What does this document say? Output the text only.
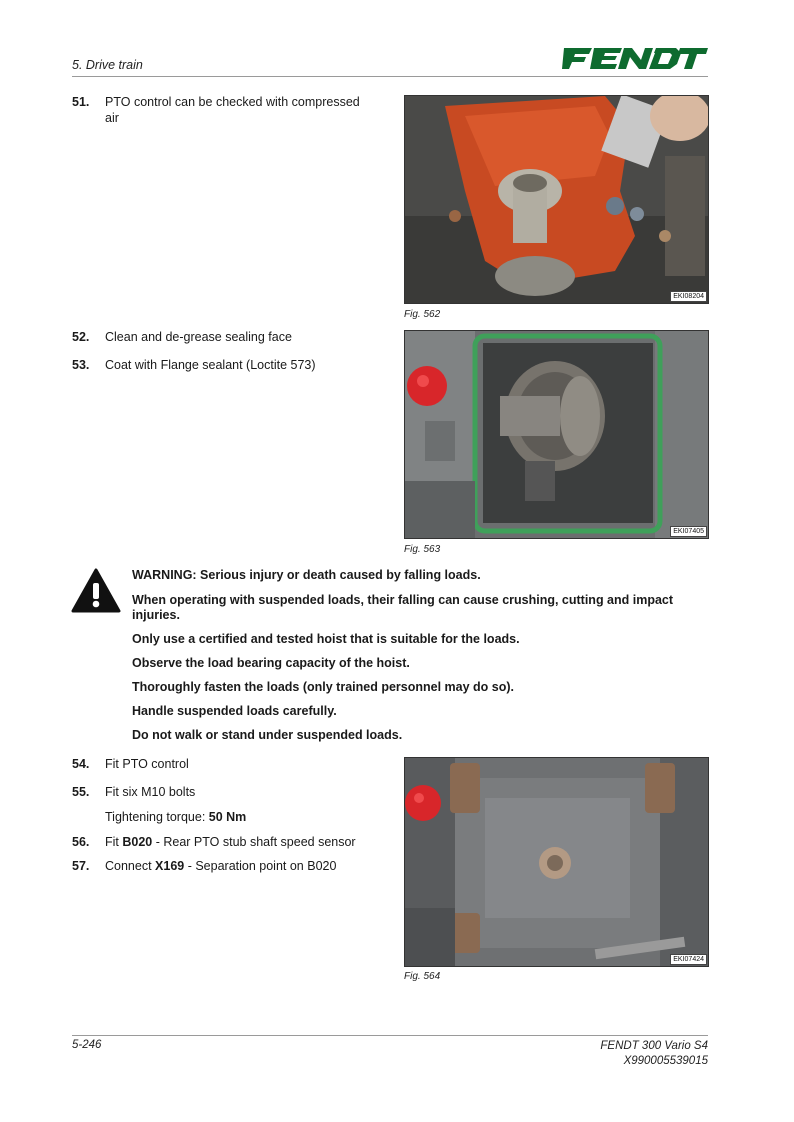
5. Drive train
51. PTO control can be checked with compressed air
EKI08204
Fig. 562
52. Clean and de-grease sealing face
53. Coat with Flange sealant (Loctite 573)
EKI07405
Fig. 563
WARNING: Serious injury or death caused by falling loads.
When operating with suspended loads, their falling can cause crushing, cutting and impact injuries.
Only use a certified and tested hoist that is suitable for the loads.
Observe the load bearing capacity of the hoist.
Thoroughly fasten the loads (only trained personnel may do so).
Handle suspended loads carefully.
Do not walk or stand under suspended loads.
54. Fit PTO control
55. Fit six M10 bolts
Tightening torque: 50 Nm
56. Fit B020 - Rear PTO stub shaft speed sensor
57. Connect X169 - Separation point on B020
EKI07424
Fig. 564
5-246	FENDT 300 Vario S4
X990005539015
